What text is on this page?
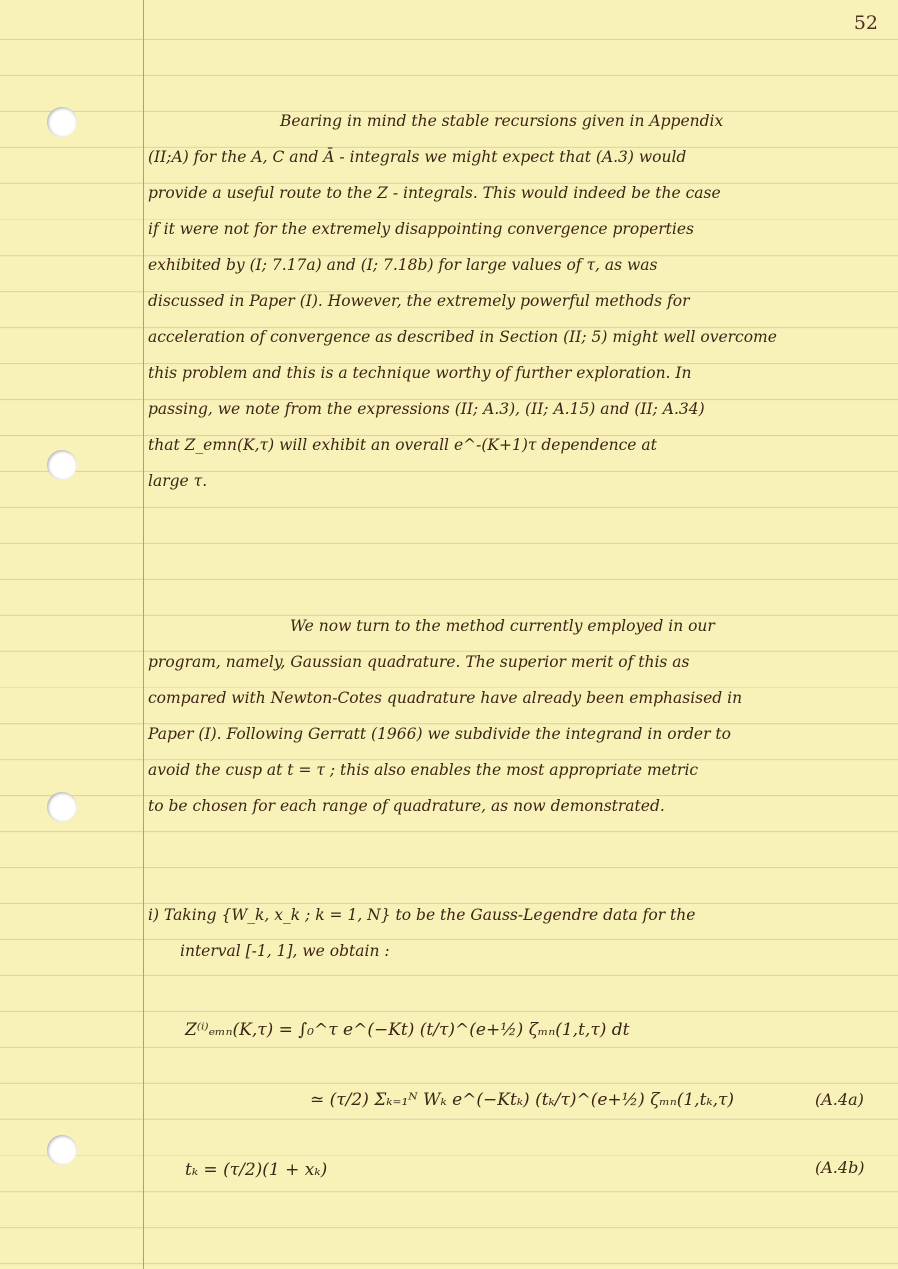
52
Bearing in mind the stable recursions given in Appendix
(II;A) for the A, C and Ā - integrals we might expect that (A.3) would
provide a useful route to the Z - integrals. This would indeed be the case
if it were not for the extremely disappointing convergence properties
exhibited by (I; 7.17a) and (I; 7.18b) for large values of τ, as was
discussed in Paper (I). However, the extremely powerful methods for
acceleration of convergence as described in Section (II; 5) might well overcome
this problem and this is a technique worthy of further exploration. In
passing, we note from the expressions (II; A.3), (II; A.15) and (II; A.34)
that Z_emn(K,τ) will exhibit an overall e^-(K+1)τ dependence at
large τ.
We now turn to the method currently employed in our
program, namely, Gaussian quadrature. The superior merit of this as
compared with Newton-Cotes quadrature have already been emphasised in
Paper (I). Following Gerratt (1966) we subdivide the integrand in order to
avoid the cusp at t = τ ; this also enables the most appropriate metric
to be chosen for each range of quadrature, as now demonstrated.
i) Taking {W_k, x_k ; k = 1, N} to be the Gauss-Legendre data for the
interval [-1, 1], we obtain :
Z⁽ⁱ⁾ₑₘₙ(K,τ) = ∫₀^τ e^(−Kt) (t/τ)^(e+½) ζₘₙ(1,t,τ) dt
≃ (τ/2) Σₖ₌₁ᴺ Wₖ e^(−Ktₖ) (tₖ/τ)^(e+½) ζₘₙ(1,tₖ,τ)	(A.4a)
tₖ = (τ/2)(1 + xₖ)	(A.4b)
